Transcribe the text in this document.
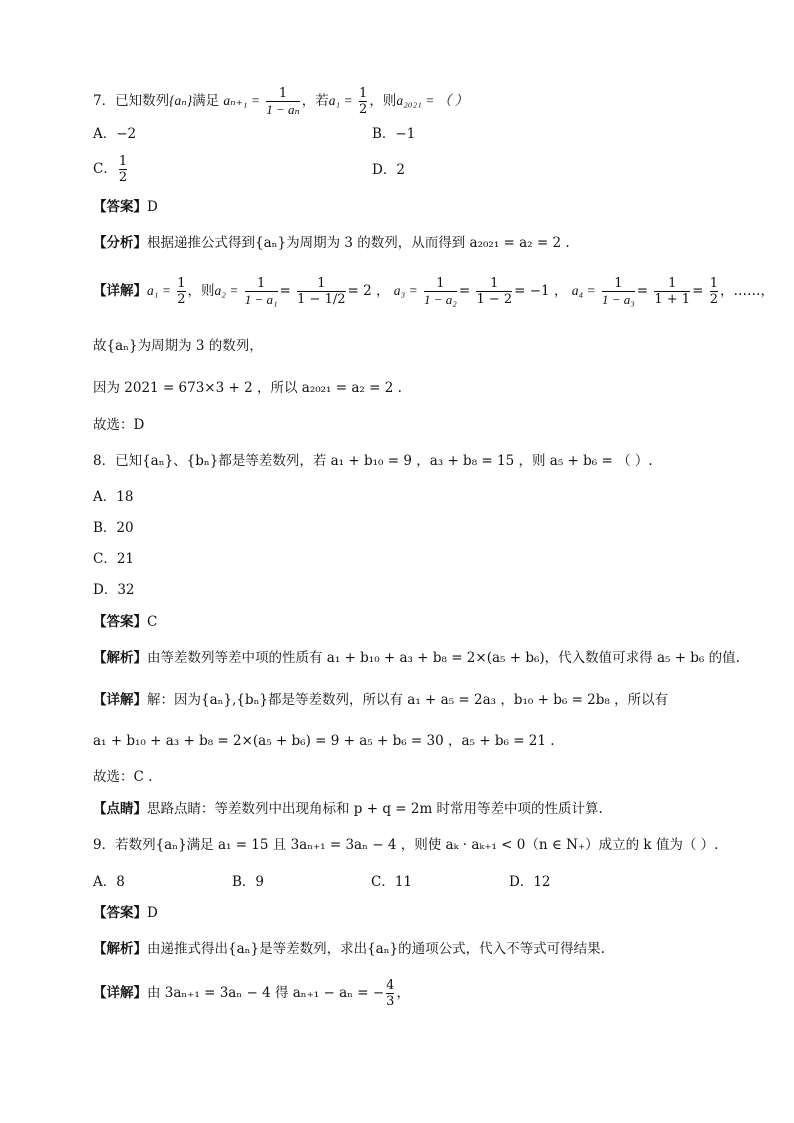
7．已知数列{aₙ}满足 $a_{n+1} = \frac{1}{\text{1 − aₙ}}$ ，若$a_1 = \frac{1}{2}$ ，则a₂₀₂₁ = （ ）
A．−2	B．−1
C． $\frac{1}{2}$	D．2
【答案】D
【分析】根据递推公式得到{aₙ}为周期为 3 的数列，从而得到 a₂₀₂₁ = a₂ = 2 .
【详解】$a_1 = \frac{1}{2}$ ，则$a_2 = \frac{1}{\text{1 − a₁}} = \frac{1}{1 - 1/2} = 2$ ， $a_3 = \frac{1}{\text{1 − a₂}} = \frac{1}{1 - 2} = -1$ ， $a_4 = \frac{1}{\text{1 − a₃}} = \frac{1}{1 + 1} = \frac{1}{2}$ ，……，
故{aₙ}为周期为 3 的数列，
因为 2021 = 673×3 + 2 ，所以 a₂₀₂₁ = a₂ = 2 .
故选：D
8．已知{aₙ}、{bₙ}都是等差数列，若 a₁ + b₁₀ = 9 ，a₃ + b₈ = 15 ，则 a₅ + b₆ = （ ）.
A．18
B．20
C．21
D．32
【答案】C
【解析】由等差数列等差中项的性质有 a₁ + b₁₀ + a₃ + b₈ = 2×(a₅ + b₆)，代入数值可求得 a₅ + b₆ 的值.
【详解】解：因为{aₙ},{bₙ}都是等差数列，所以有 a₁ + a₅ = 2a₃ ，b₁₀ + b₆ = 2b₈ ，所以有
a₁ + b₁₀ + a₃ + b₈ = 2×(a₅ + b₆) = 9 + a₅ + b₆ = 30 ，a₅ + b₆ = 21 .
故选：C .
【点睛】思路点睛：等差数列中出现角标和 p + q = 2m 时常用等差中项的性质计算.
9．若数列{aₙ}满足 a₁ = 15 且 3aₙ₊₁ = 3aₙ − 4 ，则使 aₖ · aₖ₊₁ < 0（n ∈ N₊）成立的 k 值为（ ）.
A．8	B．9	C．11	D．12
【答案】D
【解析】由递推式得出{aₙ}是等差数列，求出{aₙ}的通项公式，代入不等式可得结果.
【详解】由 3aₙ₊₁ = 3aₙ − 4 得 aₙ₊₁ − aₙ = − $\frac{4}{3}$ ，
